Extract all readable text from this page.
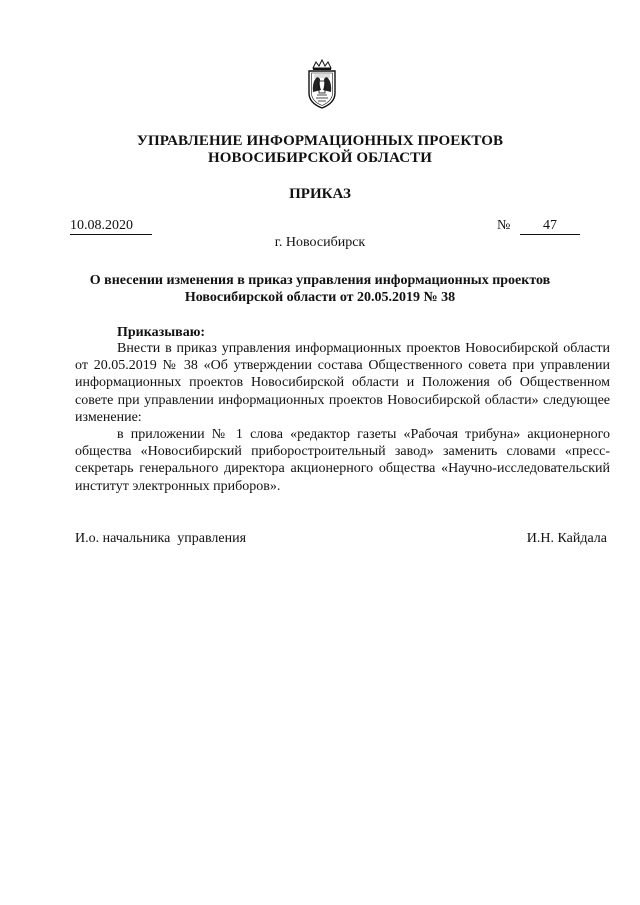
УПРАВЛЕНИЕ ИНФОРМАЦИОННЫХ ПРОЕКТОВ
НОВОСИБИРСКОЙ ОБЛАСТИ
ПРИКАЗ
10.08.2020	№	47
г. Новосибирск
О внесении изменения в приказ управления информационных проектов
Новосибирской области от 20.05.2019 № 38
Приказываю:

Внести в приказ управления информационных проектов Новосибирской области от 20.05.2019 № 38 «Об утверждении состава Общественного совета при управлении информационных проектов Новосибирской области и Положения об Общественном совете при управлении информационных проектов Новосибирской области» следующее изменение:

в приложении № 1 слова «редактор газеты «Рабочая трибуна» акционерного общества «Новосибирский приборостроительный завод» заменить словами «пресс-секретарь генерального директора акционерного общества «Научно-исследовательский институт электронных приборов».

И.о. начальника  управления	И.Н. Кайдала
